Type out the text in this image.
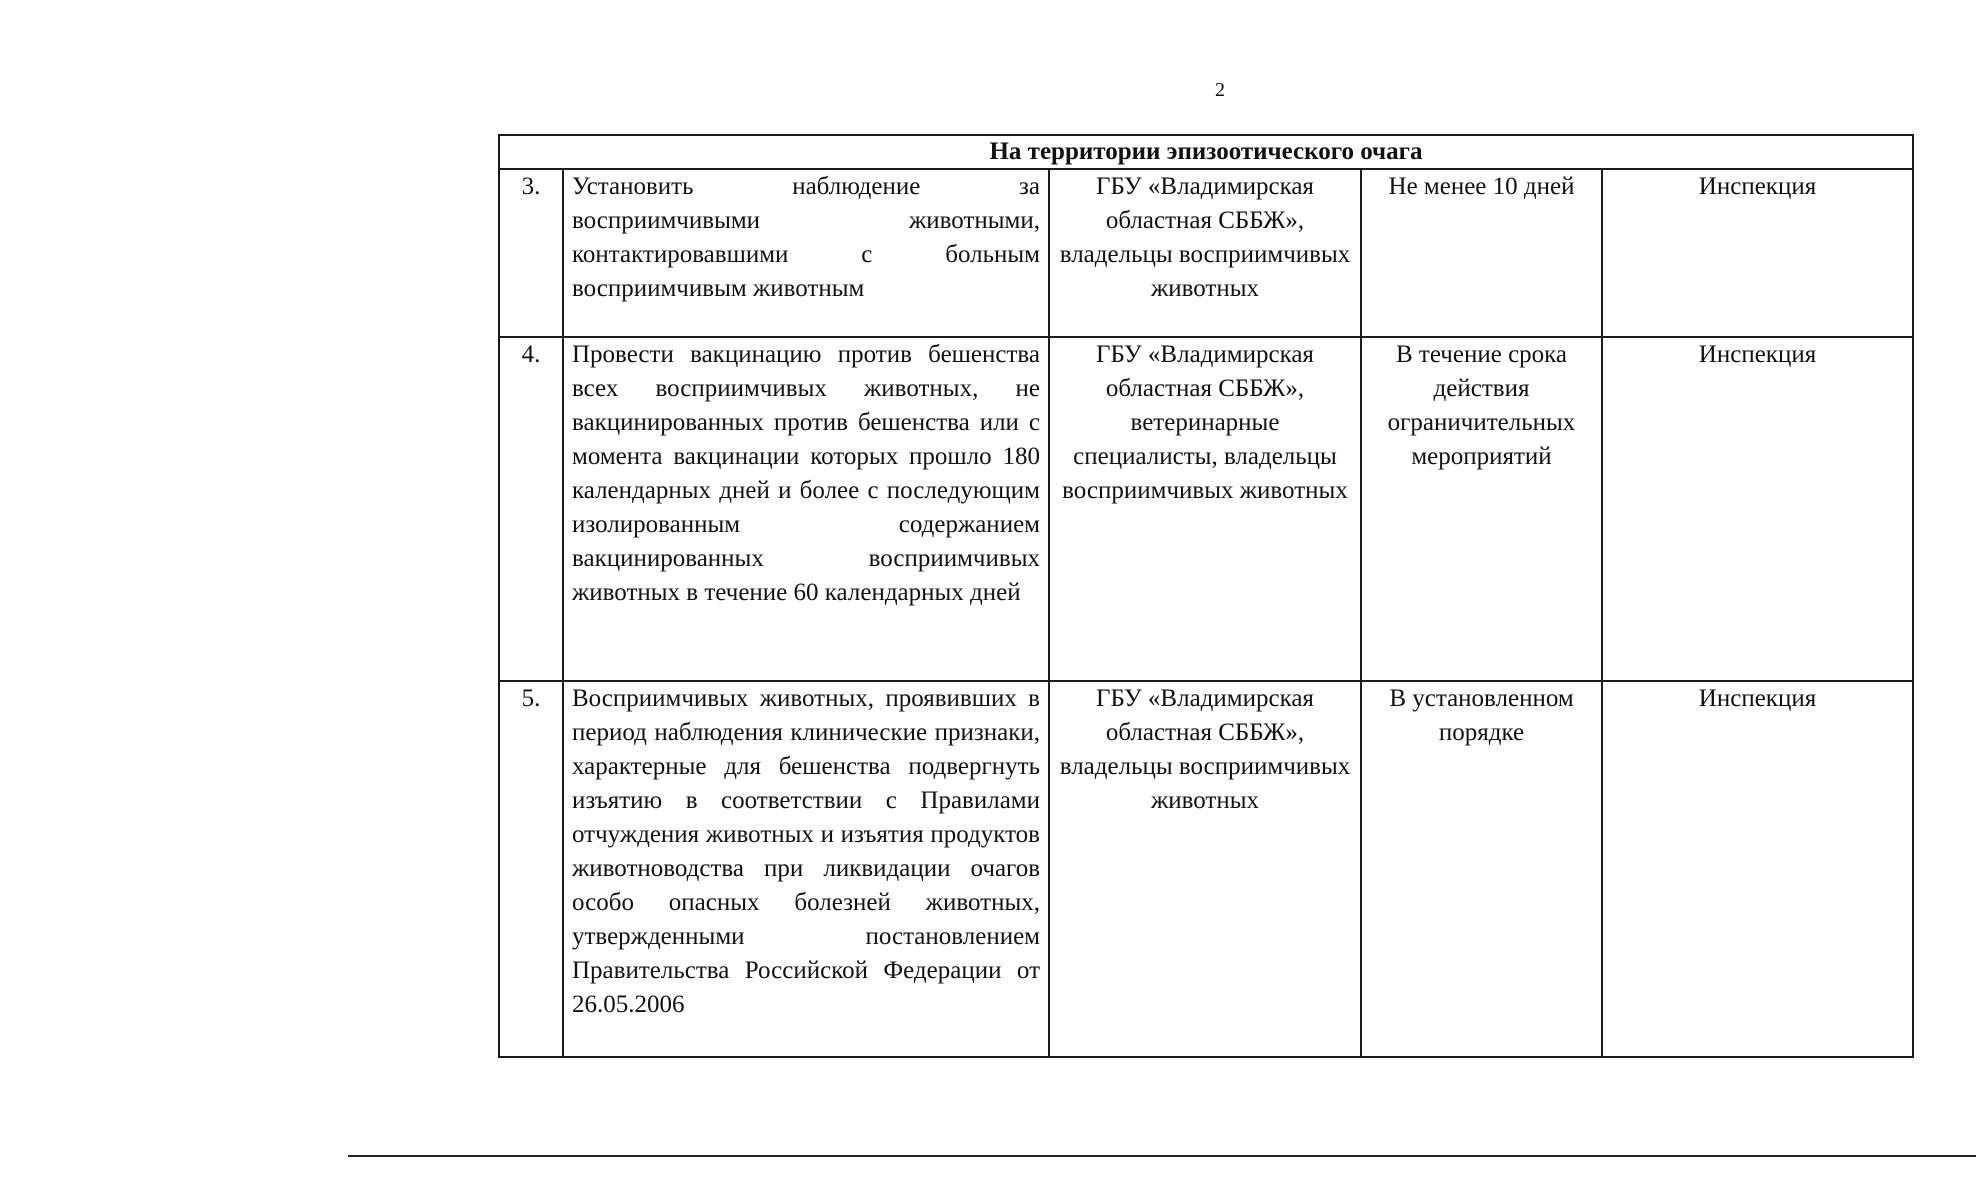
2
На территории эпизоотического очага				
3.	Установить наблюдение за восприимчивыми животными, контактировавшими с больным восприимчивым животным	ГБУ «Владимирская областная СББЖ», владельцы восприимчивых животных	Не менее 10 дней	Инспекция
4.	Провести вакцинацию против бешенства всех восприимчивых животных, не вакцинированных против бешенства или с момента вакцинации которых прошло 180 календарных дней и более с последующим изолированным содержанием вакцинированных восприимчивых животных в течение 60 календарных дней	ГБУ «Владимирская областная СББЖ», ветеринарные специалисты, владельцы восприимчивых животных	В течение срока действия ограничительных мероприятий	Инспекция
5.	Восприимчивых животных, проявивших в период наблюдения клинические признаки, характерные для бешенства подвергнуть изъятию в соответствии с Правилами отчуждения животных и изъятия продуктов животноводства при ликвидации очагов особо опасных болезней животных, утвержденными постановлением Правительства Российской Федерации от 26.05.2006	ГБУ «Владимирская областная СББЖ», владельцы восприимчивых животных	В установленном порядке	Инспекция
